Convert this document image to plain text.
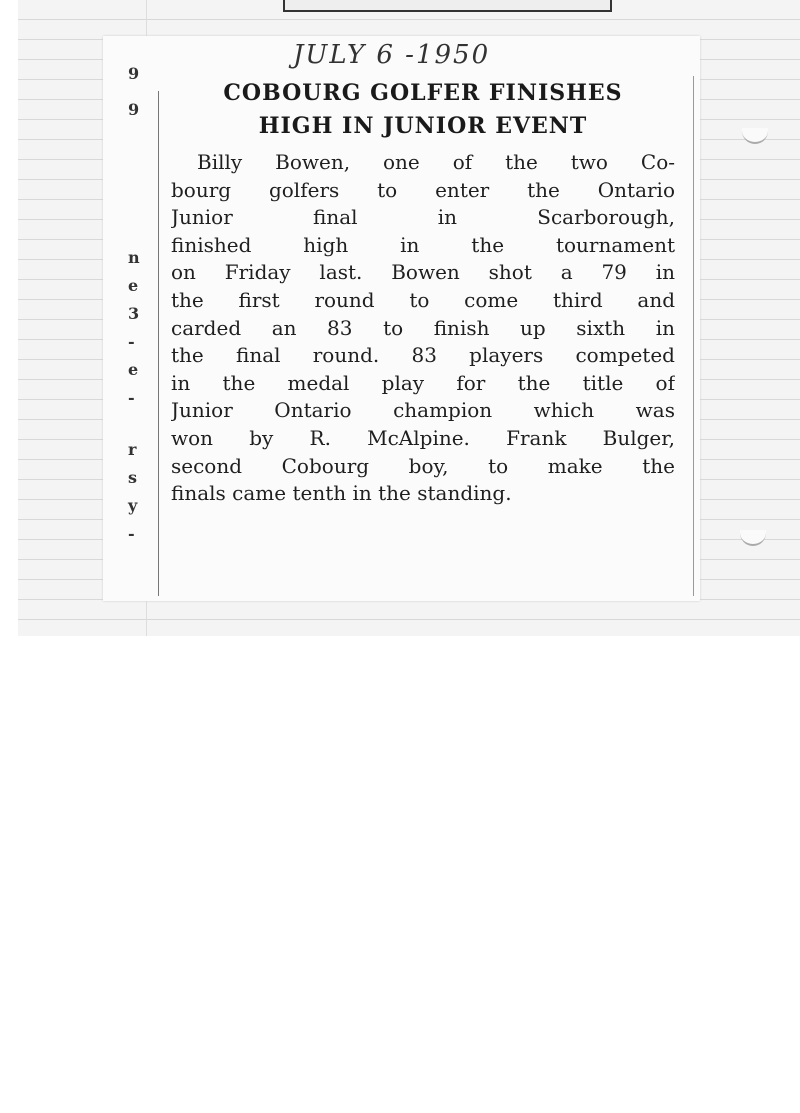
JULY 6 -1950
9
9
n
e
3
-
e
-
r
s
y
-
COBOURG GOLFER FINISHES
HIGH IN JUNIOR EVENT
Billy Bowen, one of the two Co-
bourg golfers to enter the Ontario
Junior final in Scarborough,
finished high in the tournament
on Friday last. Bowen shot a 79 in
the first round to come third and
carded an 83 to finish up sixth in
the final round. 83 players competed
in the medal play for the title of
Junior Ontario champion which was
won by R. McAlpine. Frank Bulger,
second Cobourg boy, to make the
finals came tenth in the standing.
